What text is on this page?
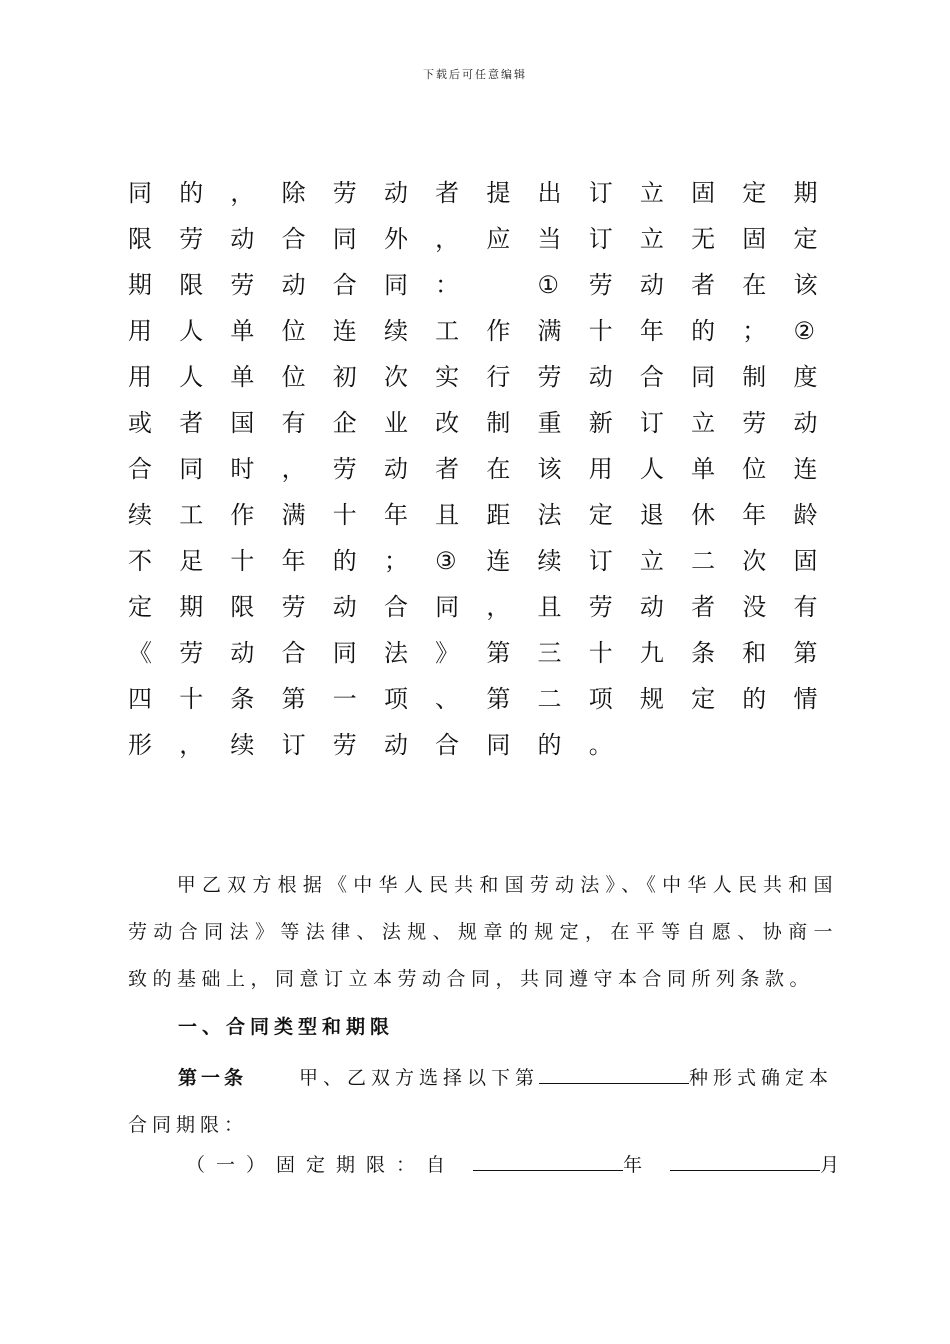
下载后可任意编辑
同 的 ， 除 劳 动 者 提 出 订 立 固 定 期
限 劳 动 合 同 外 ， 应 当 订 立 无 固 定
期 限 劳 动 合 同 ：	① 劳 动 者 在 该
用 人 单 位 连 续 工 作 满 十 年 的 ； ②
用 人 单 位 初 次 实 行 劳 动 合 同 制 度
或 者 国 有 企 业 改 制 重 新 订 立 劳 动
合 同 时 ， 劳 动 者 在 该 用 人 单 位 连
续 工 作 满 十 年 且 距 法 定 退 休 年 龄
不 足 十 年 的 ； ③ 连 续 订 立 二 次 固
定 期 限 劳 动 合 同 ， 且 劳 动 者 没 有
《 劳 动 合 同 法 》 第 三 十 九 条 和 第
四 十 条 第 一 项 、 第 二 项 规 定 的 情
形 ， 续 订 劳 动 合 同 的 。
甲乙双方根据《中华人民共和国劳动法》、《中华人民共和国劳动合同法》等法律、法规、规章的规定，在平等自愿、协商一致的基础上，同意订立本劳动合同，共同遵守本合同所列条款。
一、合同类型和期限
第一条	甲、乙双方选择以下第	种形式确定本合同期限：
（一）固定期限：自	年	月
